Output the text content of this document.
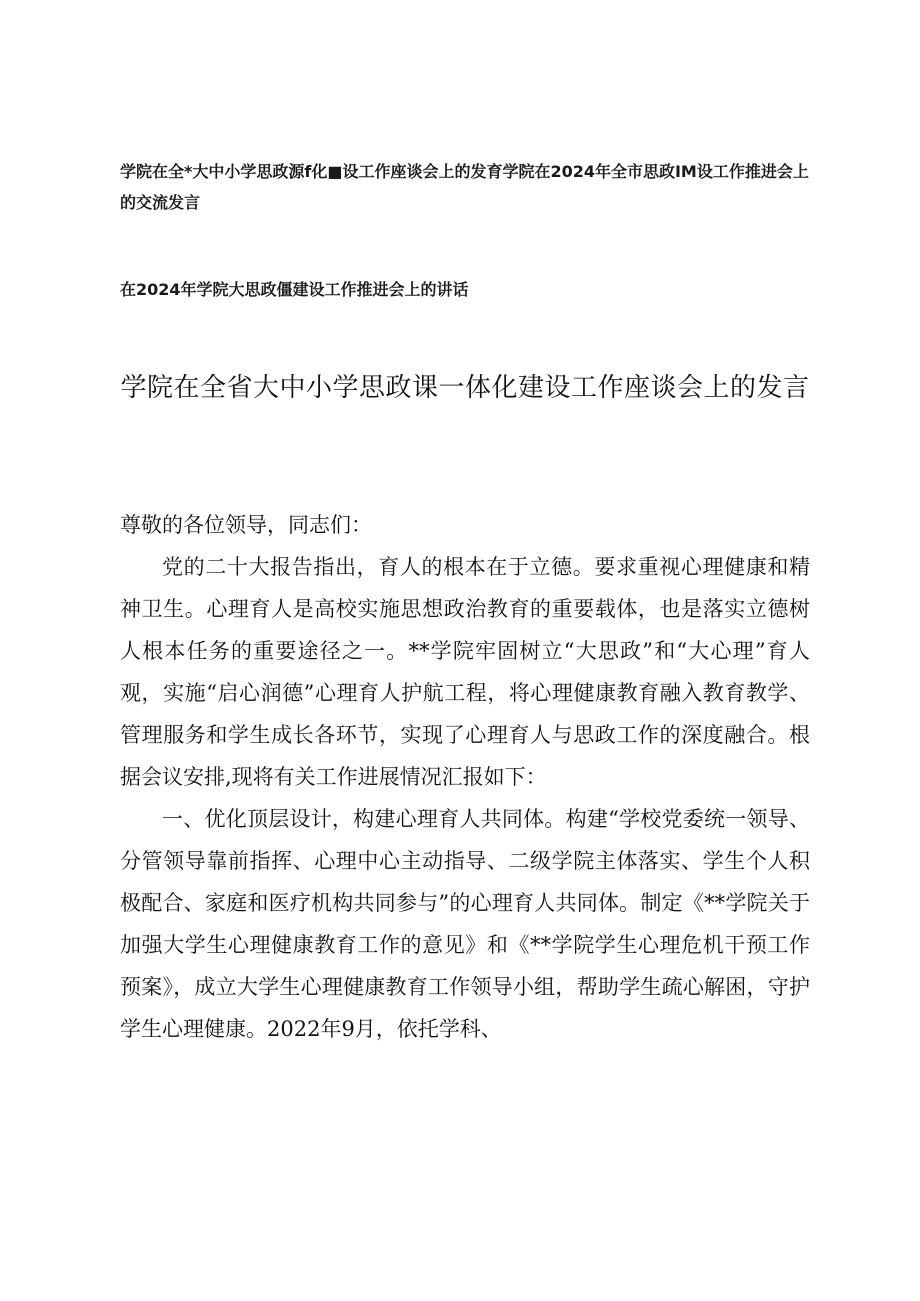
学院在全*大中小学思政源f化■设工作座谈会上的发育学院在2024年全市思政IM设工作推进会上的交流发言
在2024年学院大思政僵建设工作推进会上的讲话
学院在全省大中小学思政课一体化建设工作座谈会上的发言

尊敬的各位领导，同志们：

党的二十大报告指出，育人的根本在于立德。要求重视心理健康和精神卫生。心理育人是高校实施思想政治教育的重要载体，也是落实立德树人根本任务的重要途径之一。**学院牢固树立“大思政”和“大心理”育人观，实施“启心润德”心理育人护航工程，将心理健康教育融入教育教学、管理服务和学生成长各环节，实现了心理育人与思政工作的深度融合。根据会议安排,现将有关工作进展情况汇报如下：

一、优化顶层设计，构建心理育人共同体。构建“学校党委统一领导、分管领导靠前指挥、心理中心主动指导、二级学院主体落实、学生个人积极配合、家庭和医疗机构共同参与”的心理育人共同体。制定《**学院关于加强大学生心理健康教育工作的意见》和《**学院学生心理危机干预工作预案》，成立大学生心理健康教育工作领导小组，帮助学生疏心解困，守护学生心理健康。2022年9月，依托学科、
